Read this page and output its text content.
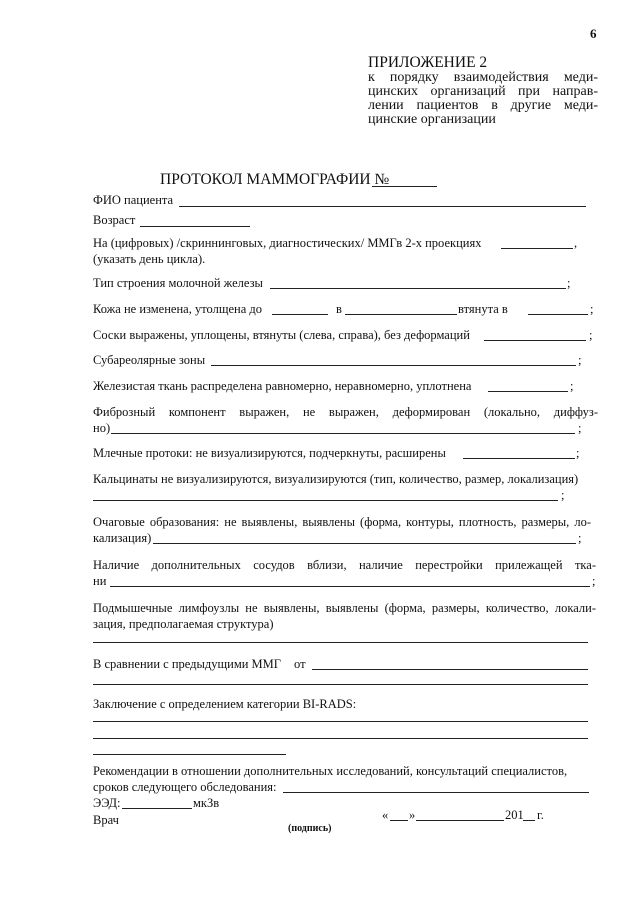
6
ПРИЛОЖЕНИЕ 2
к порядку взаимодействия меди-
цинских организаций при направ-
лении пациентов в другие меди-
цинские организации
ПРОТОКОЛ МАММОГРАФИИ №
ФИО пациента
Возраст
На (цифровых) /скриннинговых, диагностических/ ММГв 2-х проекциях	,
(указать день цикла).
Тип строения молочной железы	;
Кожа не изменена, утолщена до	в	втянута в	;
Соски выражены, уплощены, втянуты (слева, справа), без деформаций	;
Субареолярные зоны	;
Железистая ткань распределена равномерно, неравномерно, уплотнена	;
Фиброзный компонент выражен, не выражен, деформирован (локально, диффуз-
но)	;
Млечные протоки: не визуализируются, подчеркнуты, расширены	;
Кальцинаты не визуализируются, визуализируются (тип, количество, размер, локализация)
;
Очаговые образования: не выявлены, выявлены (форма, контуры, плотность, размеры, ло-
кализация)	;
Наличие дополнительных сосудов вблизи, наличие перестройки прилежащей тка-
ни	;
Подмышечные лимфоузлы не выявлены, выявлены (форма, размеры, количество, локали-
зация, предполагаемая структура)
В сравнении с предыдущими ММГ от
Заключение с определением категории BI-RADS:
Рекомендации в отношении дополнительных исследований, консультаций специалистов,
сроков следующего обследования:
ЭЭД:	мкЗв
Врач	« »	201 г.
(подпись)
